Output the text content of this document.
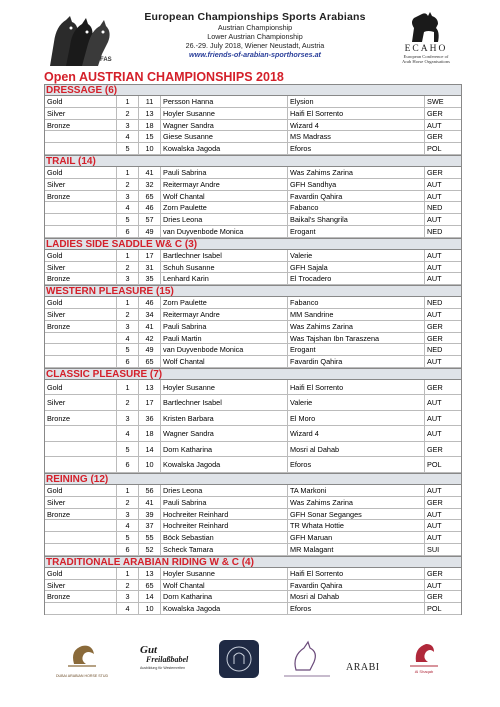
FAS
European Championships Sports Arabians
Austrian Championship
Lower Austrian Championship
26.-29. July 2018, Wiener Neustadt, Austria
www.friends-of-arabian-sporthorses.at
ECAHO
European Conference of
Arab Horse Organisations
Open AUSTRIAN CHAMPIONSHIPS 2018
DRESSAGE (6)
Gold	1	11	Persson Hanna	Elysion	SWE
Silver	2	13	Hoyler Susanne	Haifi El Sorrento	GER
Bronze	3	18	Wagner Sandra	Wizard 4	AUT
4	15	Giese Susanne	MS Madrass	GER
5	10	Kowalska Jagoda	Eforos	POL
TRAIL (14)
Gold	1	41	Pauli Sabrina	Was Zahims Zarina	GER
Silver	2	32	Reitermayr Andre	GFH Sandhya	AUT
Bronze	3	65	Wolf Chantal	Favardin Qahira	AUT
4	46	Zorn Paulette	Fabanco	NED
5	57	Dries Leona	Baikal's Shangrila	AUT
6	49	van Duyvenbode Monica	Erogant	NED
LADIES SIDE SADDLE W& C (3)
Gold	1	17	Bartlechner Isabel	Valerie	AUT
Silver	2	31	Schuh Susanne	GFH Sajala	AUT
Bronze	3	35	Lenhard Karin	El Trocadero	AUT
WESTERN PLEASURE (15)
Gold	1	46	Zorn Paulette	Fabanco	NED
Silver	2	34	Reitermayr Andre	MM Sandrine	AUT
Bronze	3	41	Pauli Sabrina	Was Zahims Zarina	GER
4	42	Pauli Martin	Was Tajshan Ibn Taraszena	GER
5	49	van Duyvenbode Monica	Erogant	NED
6	65	Wolf Chantal	Favardin Qahira	AUT
CLASSIC PLEASURE (7)
Gold	1	13	Hoyler Susanne	Haifi El Sorrento	GER
Silver	2	17	Bartlechner Isabel	Valerie	AUT
Bronze	3	36	Kristen Barbara	El Moro	AUT
4	18	Wagner Sandra	Wizard 4	AUT
5	14	Dorn Katharina	Mosri al Dahab	GER
6	10	Kowalska Jagoda	Eforos	POL
REINING (12)
Gold	1	56	Dries Leona	TA Markoni	AUT
Silver	2	41	Pauli Sabrina	Was Zahims Zarina	GER
Bronze	3	39	Hochreiter Reinhard	GFH Sonar Seganges	AUT
4	37	Hochreiter Reinhard	TR Whata Hottie	AUT
5	55	Böck Sebastian	GFH Maruan	AUT
6	52	Scheck Tamara	MR Malagant	SUI
TRADITIONALE ARABIAN RIDING W & C (4)
Gold	1	13	Hoyler Susanne	Haifi El Sorrento	GER
Silver	2	65	Wolf Chantal	Favardin Qahira	AUT
Bronze	3	14	Dorn Katharina	Mosri al Dahab	GER
4	10	Kowalska Jagoda	Eforos	POL
DUBAI ARABIAN HORSE STUD
Gut
Freilaßbabel
Ausbildung für Westernreiten	ARABI	Al Shaqab
